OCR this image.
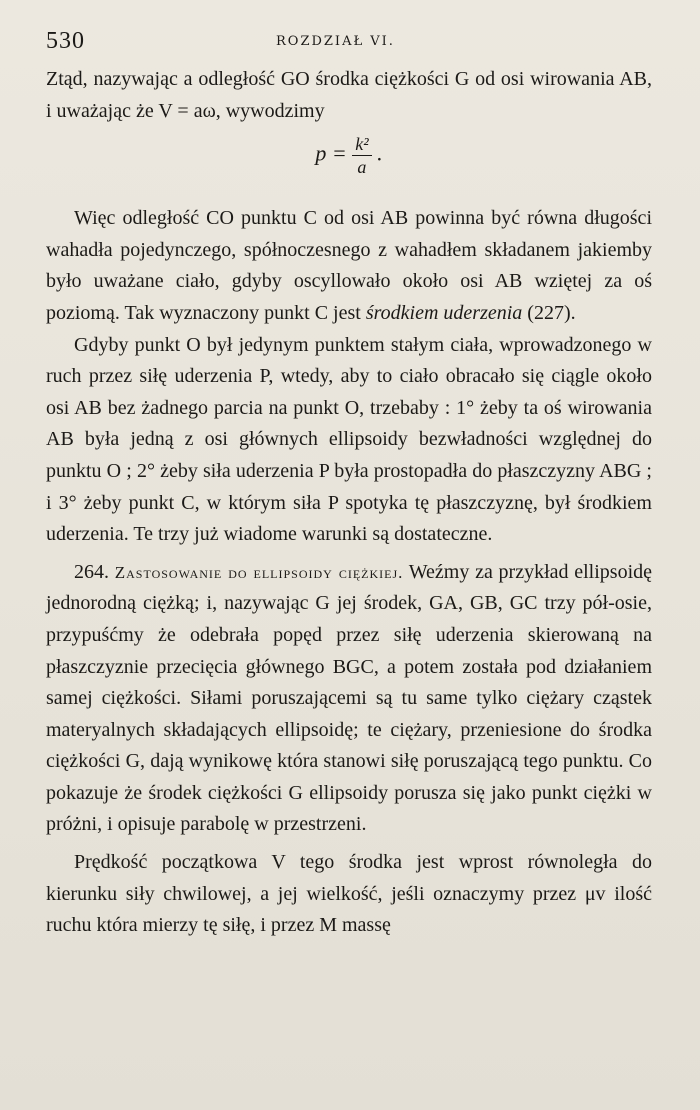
530	ROZDZIAŁ VI.

Ztąd, nazywając a odległość GO środka ciężkości G od osi wirowania AB, i uważając że V = aω, wywodzimy

$p = \frac{\text{k²}}{a}$ .

Więc odległość CO punktu C od osi AB powinna być równa długości wahadła pojedynczego, spółnoczesnego z wahadłem składanem jakiemby było uważane ciało, gdyby oscyllowało około osi AB wziętej za oś poziomą. Tak wyznaczony punkt C jest środkiem uderzenia (227).

Gdyby punkt O był jedynym punktem stałym ciała, wprowadzonego w ruch przez siłę uderzenia P, wtedy, aby to ciało obracało się ciągle około osi AB bez żadnego parcia na punkt O, trzebaby : 1° żeby ta oś wirowania AB była jedną z osi głównych ellipsoidy bezwładności względnej do punktu O ; 2° żeby siła uderzenia P była prostopadła do płaszczyzny ABG ; i 3° żeby punkt C, w którym siła P spotyka tę płaszczyznę, był środkiem uderzenia. Te trzy już wiadome warunki są dostateczne.

264. Zastosowanie do ellipsoidy ciężkiej. Weźmy za przykład ellipsoidę jednorodną ciężką; i, nazywając G jej środek, GA, GB, GC trzy pół-osie, przypuśćmy że odebrała popęd przez siłę uderzenia skierowaną na płaszczyznie przecięcia głównego BGC, a potem została pod działaniem samej ciężkości. Siłami poruszającemi są tu same tylko ciężary cząstek materyalnych składających ellipsoidę; te ciężary, przeniesione do środka ciężkości G, dają wynikowę która stanowi siłę poruszającą tego punktu. Co pokazuje że środek ciężkości G ellipsoidy porusza się jako punkt ciężki w próżni, i opisuje parabolę w przestrzeni.

Prędkość początkowa V tego środka jest wprost równoległa do kierunku siły chwilowej, a jej wielkość, jeśli oznaczymy przez μv ilość ruchu która mierzy tę siłę, i przez M massę
